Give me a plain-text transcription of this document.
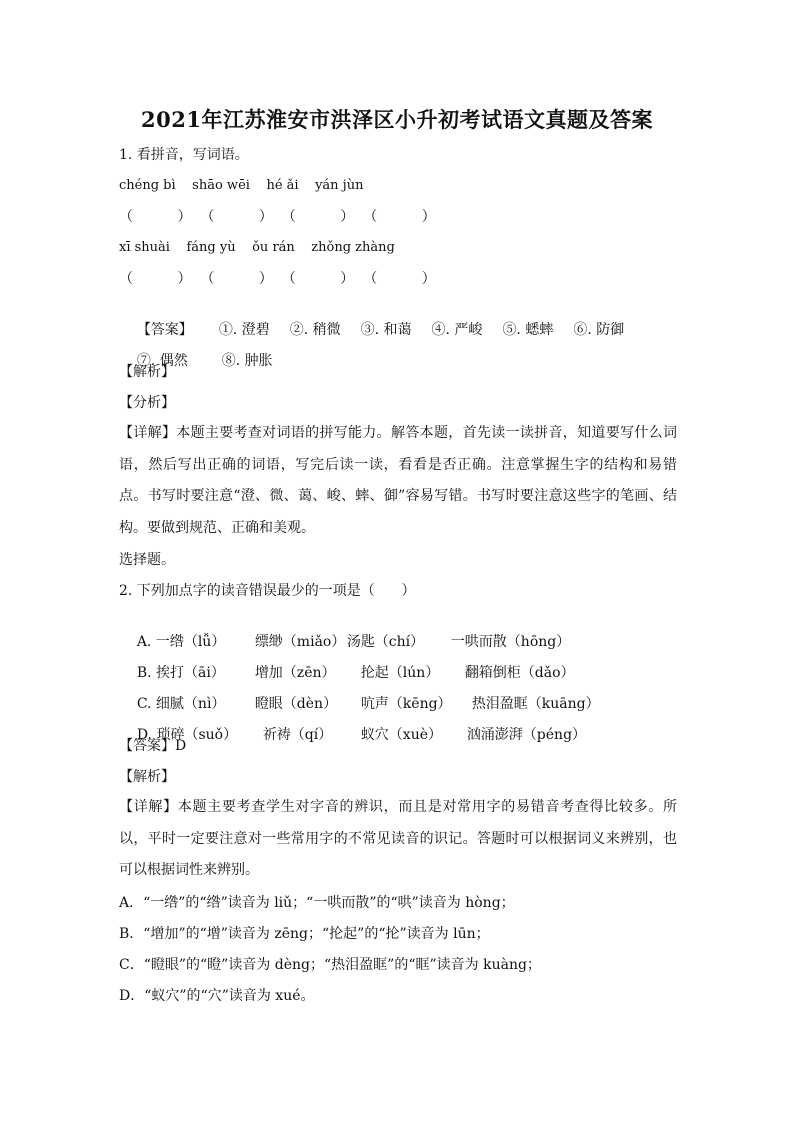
2021年江苏淮安市洪泽区小升初考试语文真题及答案
1. 看拼音，写词语。
chéng bì    shāo wēi    hé ǎi    yán jùn
（          ）  （          ）  （          ）  （          ）
xī shuài    fáng yù    ǒu rán    zhǒng zhàng
（          ）  （          ）  （          ）  （          ）

【答案】 ①. 澄碧 ②. 稍微 ③. 和蔼 ④. 严峻 ⑤. 蟋蟀 ⑥. 防御

⑦. 偶然 ⑧. 肿胀

【解析】
【分析】
【详解】本题主要考查对词语的拼写能力。解答本题，首先读一读拼音，知道要写什么词语，然后写出正确的词语，写完后读一读，看看是否正确。注意掌握生字的结构和易错点。书写时要注意“澄、微、蔼、峻、蟀、御”容易写错。书写时要注意这些字的笔画、结构。要做到规范、正确和美观。
选择题。
2. 下列加点字的读音错误最少的一项是（      ）

A. 一绺（lǚ） 缥缈（miǎo）汤匙（chí） 一哄而散（hōng）

B. 挨打（āi） 增加（zēn） 抡起（lún） 翻箱倒柜（dǎo）

C. 细腻（nì） 瞪眼（dèn） 吭声（kēng） 热泪盈眶（kuāng）

D. 琐碎（suǒ） 祈祷（qí） 蚁穴（xuè） 汹涌澎湃（péng）

【答案】D
【解析】
【详解】本题主要考查学生对字音的辨识，而且是对常用字的易错音考查得比较多。所以，平时一定要注意对一些常用字的不常见读音的识记。答题时可以根据词义来辨别，也可以根据词性来辨别。
A．“一绺”的“绺”读音为 liǔ；“一哄而散”的“哄”读音为 hòng；
B．“增加”的“增”读音为 zēng；“抡起”的“抡”读音为 lūn；
C．“瞪眼”的“瞪”读音为 dèng；“热泪盈眶”的“眶”读音为 kuàng；
D．“蚁穴”的“穴”读音为 xué。
